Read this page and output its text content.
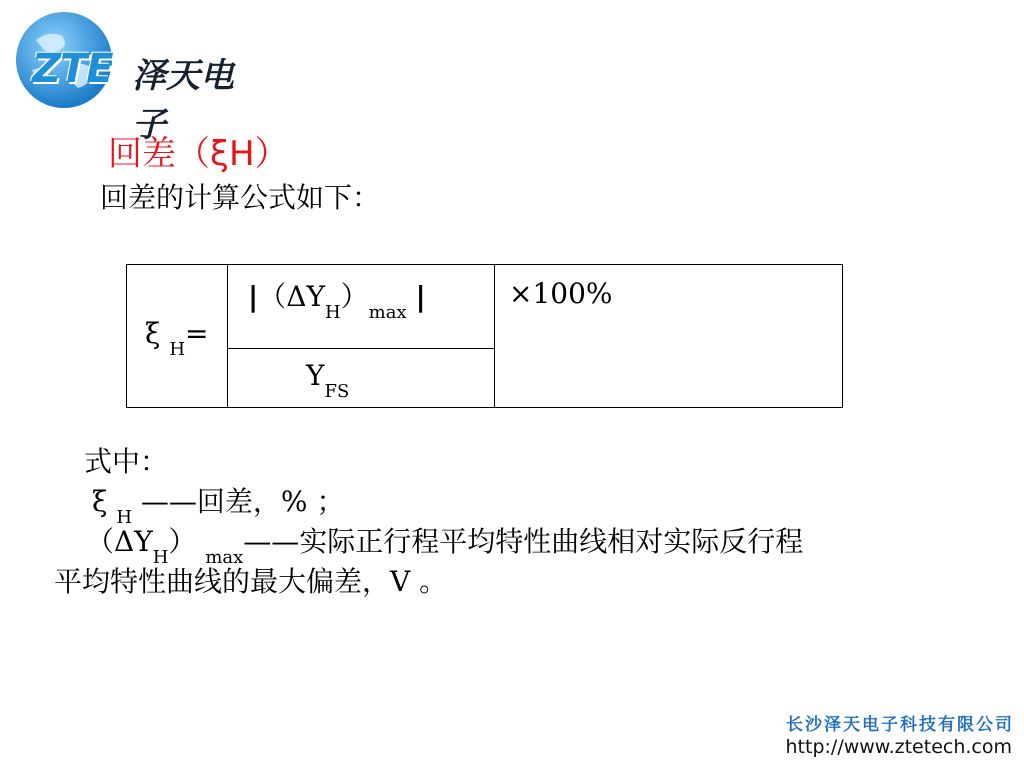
ZTE 泽天电子
回差（ξH）
回差的计算公式如下：
ξ $_H$=

$|(\Delta Y_H)_{max}$ |	×100%

$Y_{FS}$
式中：
ξ $_H$ ——回差，% ；
$(\Delta Y_H)$ $_{max}$——实际正行程平均特性曲线相对实际反行程
平均特性曲线的最大偏差，V 。
长沙泽天电子科技有限公司
http://www.ztetech.com
